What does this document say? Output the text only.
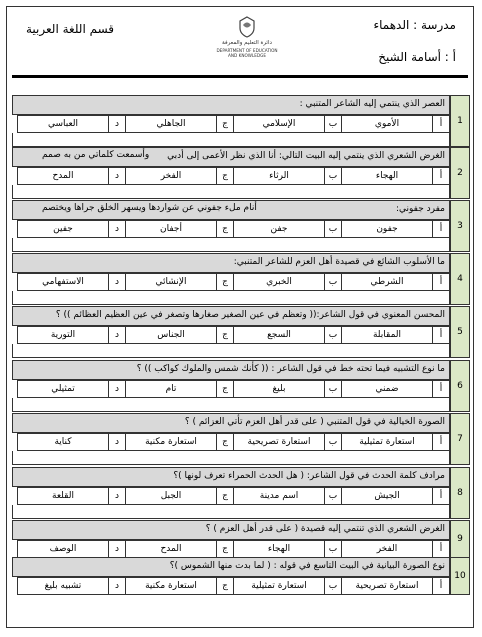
مدرسة : الدهماء
أ : أسامة الشيخ
قسم اللغة العربية
دائرة التعليم والمعرفة
DEPARTMENT OF EDUCATION AND KNOWLEDGE
1
العصر الذي ينتمي إليه الشاعر المتنبي :
أ
الأموي
ب
الإسلامي
ج
الجاهلي
د
العباسي
2
الغرض الشعري الذي ينتمي إليه البيت التالي: أنا الذي نظر الأعمى إلى أدبي
وأسمعت كلماتي من به صمم
أ
الهجاء
ب
الرثاء
ج
الفخر
د
المدح
3
مفرد جفوني:
أنام ملء جفوني عن شواردها ويسهر الخلق جراها ويختصم
أ
جفون
ب
جفن
ج
أجفان
د
جفين
4
ما الأسلوب الشائع في قصيدة أهل العزم للشاعر المتنبي:
أ
الشرطي
ب
الخبري
ج
الإنشائي
د
الاستفهامي
5
المحسن المعنوي في قول الشاعر:(( وتعظم في عين الصغير صغارها وتصغر في عين العظيم العظائم )) ؟
أ
المقابلة
ب
السجع
ج
الجناس
د
التورية
6
ما نوع التشبيه فيما تحته خط في قول الشاعر : (( كأنك شمس والملوك كواكب )) ؟
أ
ضمني
ب
بليغ
ج
تام
د
تمثيلي
7
الصورة الخيالية في قول المتنبي ( على قدر أهل العزم تأتي العزائم ) ؟
أ
استعارة تمثيلية
ب
استعارة تصريحية
ج
استعارة مكنية
د
كناية
8
مرادف كلمة الحدث في قول الشاعر: ( هل الحدث الحمراء تعرف لونها )؟
أ
الجيش
ب
اسم مدينة
ج
الجبل
د
القلعة
9
الغرض الشعري الذي تنتمي إليه قصيدة ( على قدر أهل العزم ) ؟
أ
الفخر
ب
الهجاء
ج
المدح
د
الوصف
10
نوع الصورة البيانية في البيت التاسع في قوله : ( لما بدت منها الشموس )؟
أ
استعارة تصريحية
ب
استعارة تمثيلية
ج
استعارة مكنية
د
تشبيه بليغ
